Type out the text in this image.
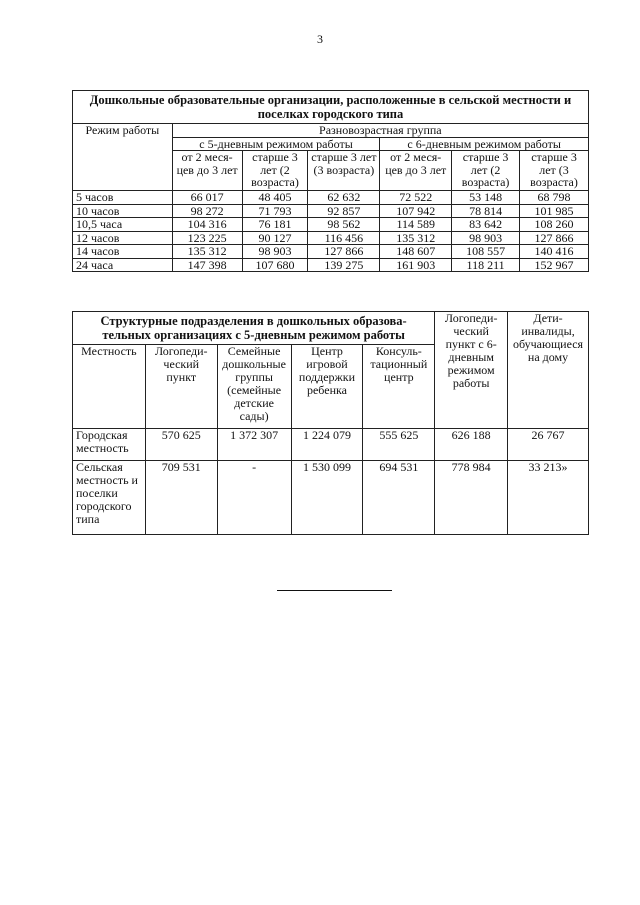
3
Дошкольные образовательные организации, расположенные в сельской местности и поселках городского типа						
Режим работы	Разновозрастная группа					
	с 5-дневным режимом работы			с 6-дневным режимом работы		
	от 2 меся-цев до 3 лет	старше 3 лет (2 возраста)	старше 3 лет (3 возраста)	от 2 меся-цев до 3 лет	старше 3 лет (2 возраста)	старше 3 лет (3 возраста)
5 часов	66 017	48 405	62 632	72 522	53 148	68 798
10 часов	98 272	71 793	92 857	107 942	78 814	101 985
10,5 часа	104 316	76 181	98 562	114 589	83 642	108 260
12 часов	123 225	90 127	116 456	135 312	98 903	127 866
14 часов	135 312	98 903	127 866	148 607	108 557	140 416
24 часа	147 398	107 680	139 275	161 903	118 211	152 967
Структурные подразделения в дошкольных образова-тельных организациях с 5-дневным режимом работы					Логопеди-ческий пункт с 6-дневным режимом работы	Дети-инвалиды, обучающиеся на дому
Местность	Логопеди-ческий пункт	Семейные дошкольные группы (семейные детские сады)	Центр игровой поддержки ребенка	Консуль-тационный центр		
Городская местность	570 625	1 372 307	1 224 079	555 625	626 188	26 767
Сельская местность и поселки городского типа	709 531	-	1 530 099	694 531	778 984	33 213»
